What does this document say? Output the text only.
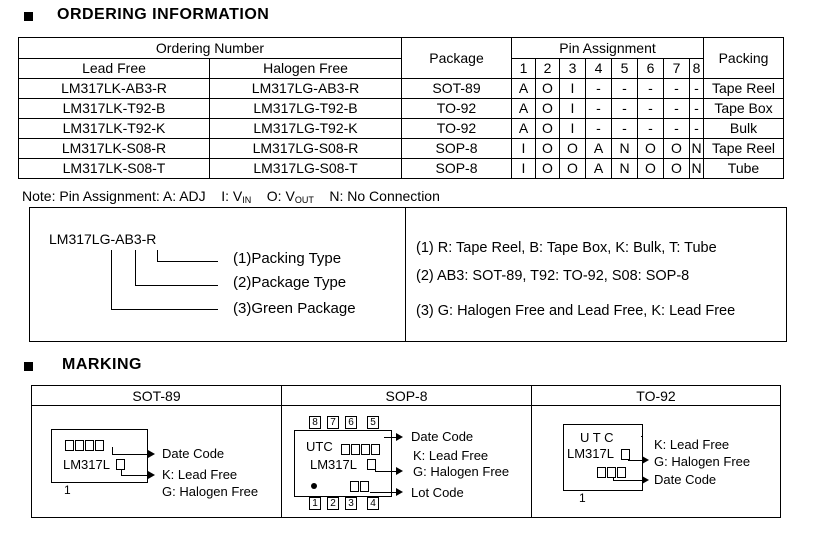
ORDERING INFORMATION
Ordering Number		Package	Pin Assignment								Packing
Lead Free	Halogen Free		1	2	3	4	5	6	7	8	
LM317LK-AB3-R	LM317LG-AB3-R	SOT-89	A	O	I	-	-	-	-	-	Tape Reel
LM317LK-T92-B	LM317LG-T92-B	TO-92	A	O	I	-	-	-	-	-	Tape Box
LM317LK-T92-K	LM317LG-T92-K	TO-92	A	O	I	-	-	-	-	-	Bulk
LM317LK-S08-R	LM317LG-S08-R	SOP-8	I	O	O	A	N	O	O	N	Tape Reel
LM317LK-S08-T	LM317LG-S08-T	SOP-8	I	O	O	A	N	O	O	N	Tube
Note: Pin Assignment: A: ADJ I: $V_{IN}$ O: $V_{OUT}$ N: No Connection
LM317LG-AB3-R
(1)Packing Type
(2)Package Type
(3)Green Package
(1) R: Tape Reel, B: Tape Box, K: Bulk, T: Tube
(2) AB3: SOT-89, T92: TO-92, S08: SOP-8
(3) G: Halogen Free and Lead Free, K: Lead Free
MARKING
SOT-89	SOP-8	TO-92

LM317L
1
Date Code
K: Lead Free
G: Halogen Free
8	7	6	5
UTC
LM317L
1	2	3	4
Date Code
K: Lead Free
G: Halogen Free
Lot Code
U T C
LM317L
1
K: Lead Free
G: Halogen Free
Date Code
